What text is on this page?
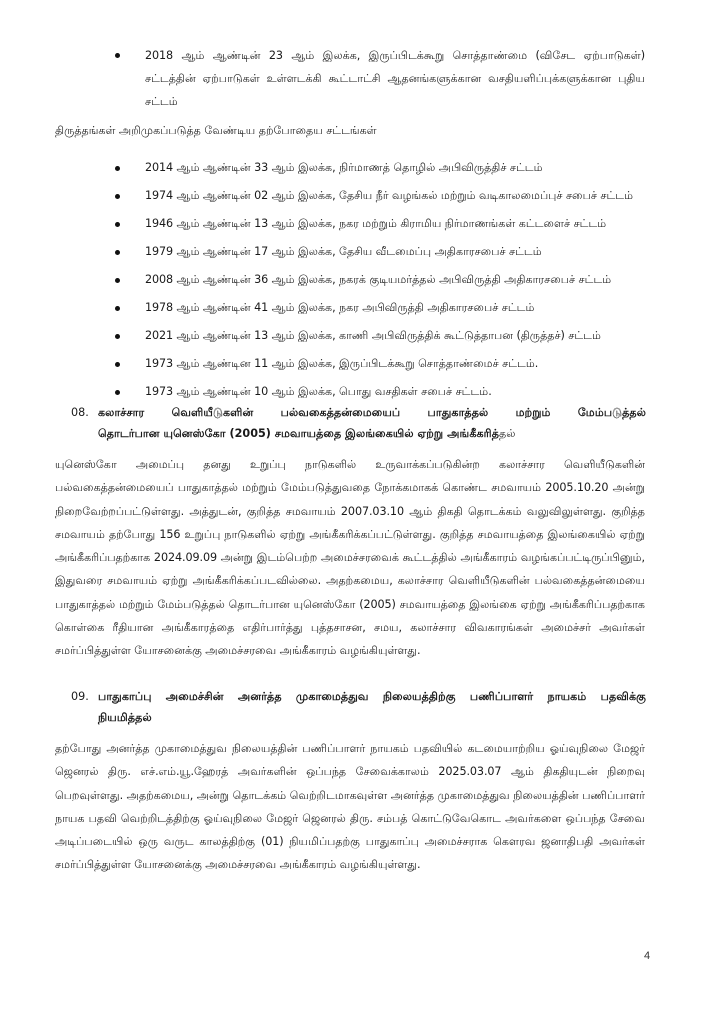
2018 ஆம் ஆண்டின் 23 ஆம் இலக்க, இருப்பிடக்கூறு சொத்தாண்மை (விசேட ஏற்பாடுகள்) சட்டத்தின் ஏற்பாடுகள் உள்ளடக்கி கூட்டாட்சி ஆதனங்களுக்கான வசதியளிப்புக்களுக்கான புதிய சட்டம்
திருத்தங்கள் அறிமுகப்படுத்த வேண்டிய தற்போதைய சட்டங்கள்
2014 ஆம் ஆண்டின் 33 ஆம் இலக்க, நிர்மாணத் தொழில் அபிவிருத்திச் சட்டம்
1974 ஆம் ஆண்டின் 02 ஆம் இலக்க, தேசிய நீர் வழங்கல் மற்றும் வடிகாலமைப்புச் சபைச் சட்டம்
1946 ஆம் ஆண்டின் 13 ஆம் இலக்க, நகர மற்றும் கிராமிய நிர்மாணங்கள் கட்டளைச் சட்டம்
1979 ஆம் ஆண்டின் 17 ஆம் இலக்க, தேசிய வீடமைப்பு அதிகாரசபைச் சட்டம்
2008 ஆம் ஆண்டின் 36 ஆம் இலக்க, நகரக் குடியமர்த்தல் அபிவிருத்தி அதிகாரசபைச் சட்டம்
1978 ஆம் ஆண்டின் 41 ஆம் இலக்க, நகர அபிவிருத்தி அதிகாரசபைச் சட்டம்
2021 ஆம் ஆண்டின் 13 ஆம் இலக்க, காணி அபிவிருத்திக் கூட்டுத்தாபன (திருத்தச்) சட்டம்
1973 ஆம் ஆண்டின 11 ஆம் இலக்க, இருப்பிடக்கூறு சொத்தாண்மைச் சட்டம்.
1973 ஆம் ஆண்டின் 10 ஆம் இலக்க, பொது வசதிகள் சபைச் சட்டம்.
08. கலாச்சார வெளியீடுகளின் பல்வகைத்தன்மையைப் பாதுகாத்தல் மற்றும் மேம்படுத்தல்
தொடர்பான யுனெஸ்கோ (2005) சமவாயத்தை இலங்கையில் ஏற்று அங்கீகரித்தல்
யுனெஸ்கோ அமைப்பு தனது உறுப்பு நாடுகளில் உருவாக்கப்படுகின்ற கலாச்சார வெளியீடுகளின் பல்வகைத்தன்மையைப் பாதுகாத்தல் மற்றும் மேம்படுத்துவதை நோக்கமாகக் கொண்ட சமவாயம் 2005.10.20 அன்று நிறைவேற்றப்பட்டுள்ளது. அத்துடன், குறித்த சமவாயம் 2007.03.10 ஆம் திகதி தொடக்கம் வலுவிலுள்ளது. குறித்த சமவாயம் தற்போது 156 உறுப்பு நாடுகளில் ஏற்று அங்கீகரிக்கப்பட்டுள்ளது. குறித்த சமவாயத்தை இலங்கையில் ஏற்று அங்கீகரிப்பதற்காக 2024.09.09 அன்று இடம்பெற்ற அமைச்சரவைக் கூட்டத்தில் அங்கீகாரம் வழங்கப்பட்டிருப்பினும், இதுவரை சமவாயம் ஏற்று அங்கீகரிக்கப்படவில்லை. அதற்கமைய, கலாச்சார வெளியீடுகளின் பல்வகைத்தன்மையை பாதுகாத்தல் மற்றும் மேம்படுத்தல் தொடர்பான யுனெஸ்கோ (2005) சமவாயத்தை இலங்கை ஏற்று அங்கீகரிப்பதற்காக கொள்கை ரீதியான அங்கீகாரத்தை எதிர்பார்த்து புத்தசாசன, சமய, கலாச்சார விவகாரங்கள் அமைச்சர் அவர்கள் சமர்ப்பித்துள்ள யோசனைக்கு அமைச்சரவை அங்கீகாரம் வழங்கியுள்ளது.
09. பாதுகாப்பு அமைச்சின் அனர்த்த முகாமைத்துவ நிலையத்திற்கு பணிப்பாளர் நாயகம் பதவிக்கு
நியமித்தல்
தற்போது அனர்த்த முகாமைத்துவ நிலையத்தின் பணிப்பாளர் நாயகம் பதவியில் கடமையாற்றிய ஓய்வுநிலை மேஜர் ஜெனரல் திரு. எச்.எம்.யூ.ஹேரத் அவர்களின் ஒப்பந்த சேவைக்காலம் 2025.03.07 ஆம் திகதியுடன் நிறைவு பெறவுள்ளது. அதற்கமைய, அன்று தொடக்கம் வெற்றிடமாகவுள்ள அனர்த்த முகாமைத்துவ நிலையத்தின் பணிப்பாளர் நாயக பதவி வெற்றிடத்திற்கு ஓய்வுநிலை மேஜர் ஜெனரல் திரு. சம்பத் கொட்டுவேகொட அவர்களை ஒப்பந்த சேவை அடிப்படையில் ஒரு வருட காலத்திற்கு (01) நியமிப்பதற்கு பாதுகாப்பு அமைச்சராக கௌரவ ஜனாதிபதி அவர்கள் சமர்ப்பித்துள்ள யோசனைக்கு அமைச்சரவை அங்கீகாரம் வழங்கியுள்ளது.
4
